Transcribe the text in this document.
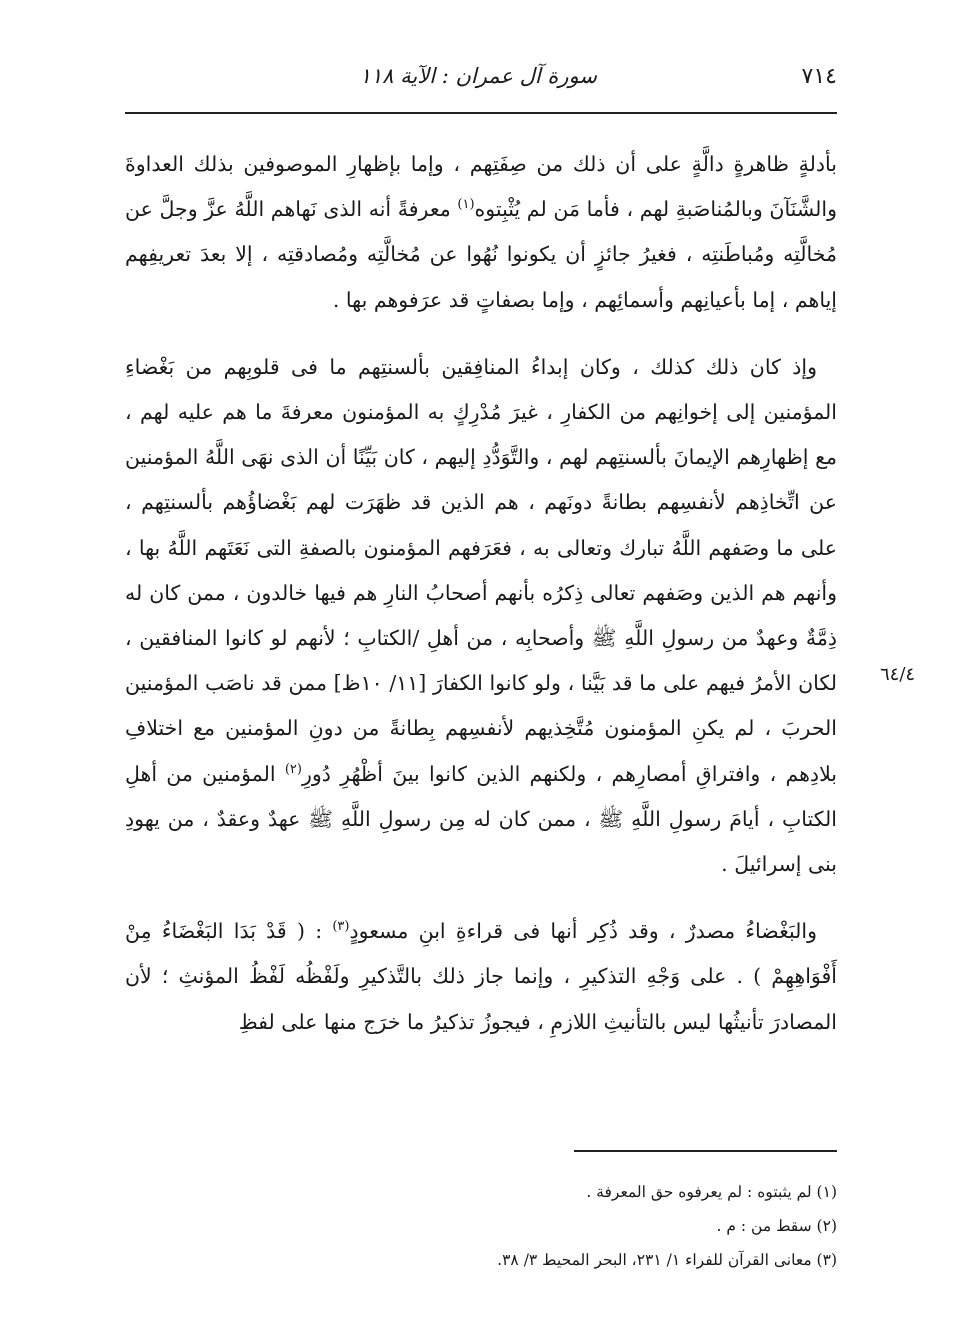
٧١٤
سورة آل عمران : الآية ١١٨

بأدلةٍ ظاهرةٍ دالَّةٍ على أن ذلك من صِفَتِهم ، وإما بإظهارِ الموصوفين بذلك العداوةَ والشَّنَآنَ وبالمُناصَبةِ لهم ، فأما مَن لم يُثْبِتوه$^{(١)}$ معرفةً أنه الذى نَهاهم اللَّهُ عزَّ وجلَّ عن مُخالَّتِه ومُباطَنتِه ، فغيرُ جائزٍ أن يكونوا نُهُوا عن مُخالَّتِه ومُصادقتِه ، إلا بعدَ تعريفِهم إياهم ، إما بأعيانِهم وأسمائِهم ، وإما بصفاتٍ قد عرَفوهم بها .

وإذ كان ذلك كذلك ، وكان إبداءُ المنافِقين بألسنتِهم ما فى قلوبِهم من بَغْضاءِ المؤمنين إلى إخوانِهم من الكفارِ ، غيرَ مُدْرِكٍ به المؤمنون معرفةَ ما هم عليه لهم ، مع إظهارِهم الإيمانَ بألسنتِهم لهم ، والتَّوَدُّدِ إليهم ، كان بَيِّنًا أن الذى نهَى اللَّهُ المؤمنين عن اتِّخاذِهم لأنفسِهم بطانةً دونَهم ، هم الذين قد ظهَرَت لهم بَغْضاؤُهم بألسنتِهم ، على ما وصَفهم اللَّهُ تبارك وتعالى به ، فعَرَفهم المؤمنون بالصفةِ التى نَعَتَهم اللَّهُ بها ، وأنهم هم الذين وصَفهم تعالى ذِكرُه بأنهم أصحابُ النارِ هم فيها خالدون ، ممن كان له ذِمَّةٌ وعهدٌ من رسولِ اللَّهِ ﷺ وأصحابِه ، من أهلِ /الكتابِ ؛ لأنهم لو كانوا المنافقين ، لكان الأمرُ فيهم على ما قد بَيَّنا ، ولو كانوا الكفارَ [١١/ ١٠ظ] ممن قد ناصَب المؤمنين الحربَ ، لم يكنِ المؤمنون مُتَّخِذيهم لأنفسِهم بِطانةً من دونِ المؤمنين مع اختلافِ بلادِهم ، وافتراقِ أمصارِهم ، ولكنهم الذين كانوا بينَ أظْهُرِ دُورِ$^{(٢)}$ المؤمنين من أهلِ الكتابِ ، أيامَ رسولِ اللَّهِ ﷺ ، ممن كان له مِن رسولِ اللَّهِ ﷺ عهدٌ وعقدٌ ، من يهودِ بنى إسرائيلَ .

والبَغْضاءُ مصدرٌ ، وقد ذُكِر أنها فى قراءةِ ابنِ مسعودٍ$^{(٣)}$ : ( قَدْ بَدَا البَغْضَاءُ مِنْ أَفْوَاهِهِمْ ) . على وَجْهِ التذكيرِ ، وإنما جاز ذلك بالتَّذكيرِ ولَفْظُه لَفْظُ المؤنثِ ؛ لأن المصادرَ تأنيثُها ليس بالتأنيثِ اللازمِ ، فيجوزُ تذكيرُ ما خرَج منها على لفظِ

٦٤/٤

(١) لم يثبتوه : لم يعرفوه حق المعرفة .

(٢) سقط من : م .

(٣) معانى القرآن للفراء ١/ ٢٣١، البحر المحيط ٣/ ٣٨.
